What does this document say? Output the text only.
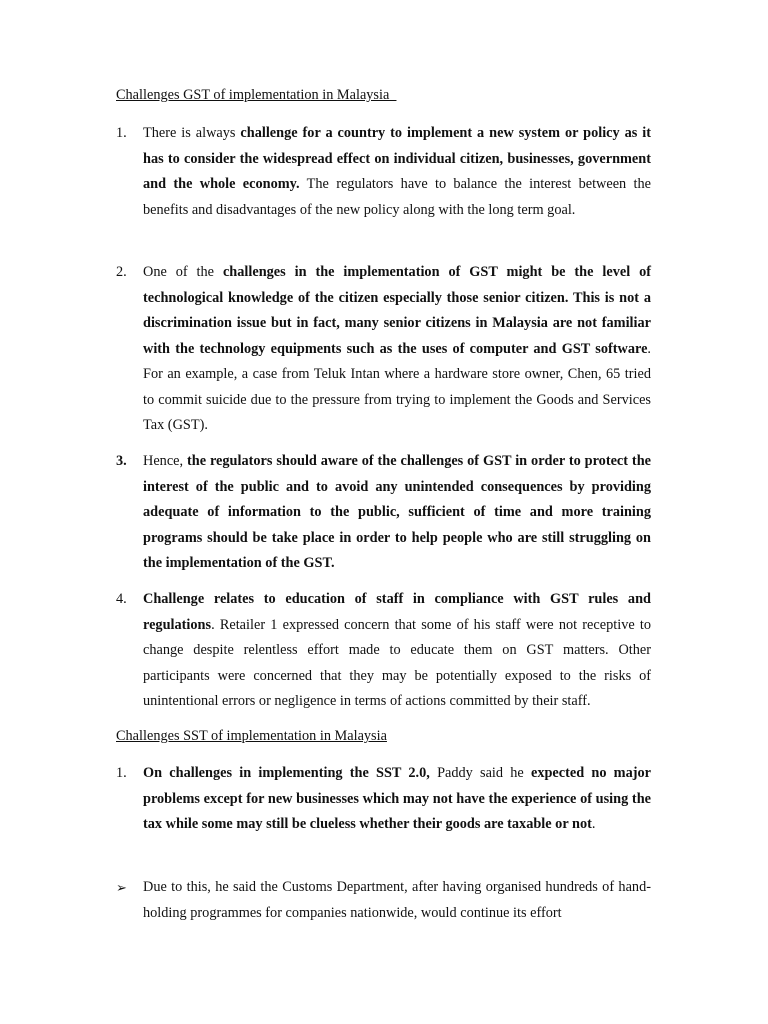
Challenges GST of implementation in Malaysia
1. There is always challenge for a country to implement a new system or policy as it has to consider the widespread effect on individual citizen, businesses, government and the whole economy. The regulators have to balance the interest between the benefits and disadvantages of the new policy along with the long term goal.

2. One of the challenges in the implementation of GST might be the level of technological knowledge of the citizen especially those senior citizen. This is not a discrimination issue but in fact, many senior citizens in Malaysia are not familiar with the technology equipments such as the uses of computer and GST software. For an example, a case from Teluk Intan where a hardware store owner, Chen, 65 tried to commit suicide due to the pressure from trying to implement the Goods and Services Tax (GST).

3. Hence, the regulators should aware of the challenges of GST in order to protect the interest of the public and to avoid any unintended consequences by providing adequate of information to the public, sufficient of time and more training programs should be take place in order to help people who are still struggling on the implementation of the GST.

4. Challenge relates to education of staff in compliance with GST rules and regulations. Retailer 1 expressed concern that some of his staff were not receptive to change despite relentless effort made to educate them on GST matters. Other participants were concerned that they may be potentially exposed to the risks of unintentional errors or negligence in terms of actions committed by their staff.

Challenges SST of implementation in Malaysia
1. On challenges in implementing the SST 2.0, Paddy said he expected no major problems except for new businesses which may not have the experience of using the tax while some may still be clueless whether their goods are taxable or not.

➢ Due to this, he said the Customs Department, after having organised hundreds of hand-holding programmes for companies nationwide, would continue its effort
